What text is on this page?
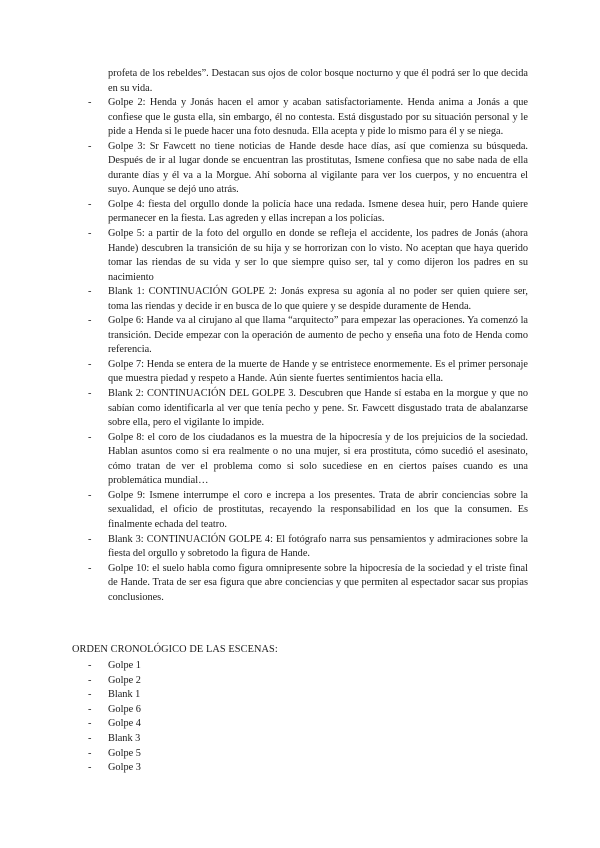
profeta de los rebeldes”. Destacan sus ojos de color bosque nocturno y que él podrá ser lo que decida en su vida.
- Golpe 2: Henda y Jonás hacen el amor y acaban satisfactoriamente. Henda anima a Jonás a que confiese que le gusta ella, sin embargo, él no contesta. Está disgustado por su situación personal y le pide a Henda si le puede hacer una foto desnuda. Ella acepta y pide lo mismo para él y se niega.
- Golpe 3: Sr Fawcett no tiene noticias de Hande desde hace días, así que comienza su búsqueda. Después de ir al lugar donde se encuentran las prostitutas, Ismene confiesa que no sabe nada de ella durante días y él va a la Morgue. Ahí soborna al vigilante para ver los cuerpos, y no encuentra el suyo. Aunque se dejó uno atrás.
- Golpe 4: fiesta del orgullo donde la policía hace una redada. Ismene desea huir, pero Hande quiere permanecer en la fiesta. Las agreden y ellas increpan a los policías.
- Golpe 5: a partir de la foto del orgullo en donde se refleja el accidente, los padres de Jonás (ahora Hande) descubren la transición de su hija y se horrorizan con lo visto. No aceptan que haya querido tomar las riendas de su vida y ser lo que siempre quiso ser, tal y como dijeron los padres en su nacimiento
- Blank 1: CONTINUACIÓN GOLPE 2: Jonás expresa su agonía al no poder ser quien quiere ser, toma las riendas y decide ir en busca de lo que quiere y se despide duramente de Henda.
- Golpe 6: Hande va al cirujano al que llama “arquitecto” para empezar las operaciones. Ya comenzó la transición. Decide empezar con la operación de aumento de pecho y enseña una foto de Henda como referencia.
- Golpe 7: Henda se entera de la muerte de Hande y se entristece enormemente. Es el primer personaje que muestra piedad y respeto a Hande. Aún siente fuertes sentimientos hacia ella.
- Blank 2: CONTINUACIÓN DEL GOLPE 3. Descubren que Hande sí estaba en la morgue y que no sabían como identificarla al ver que tenía pecho y pene. Sr. Fawcett disgustado trata de abalanzarse sobre ella, pero el vigilante lo impide.
- Golpe 8: el coro de los ciudadanos es la muestra de la hipocresía y de los prejuicios de la sociedad. Hablan asuntos como si era realmente o no una mujer, si era prostituta, cómo sucedió el asesinato, cómo tratan de ver el problema como si solo sucediese en en ciertos países cuando es una problemática mundial…
- Golpe 9: Ismene interrumpe el coro e increpa a los presentes. Trata de abrir conciencias sobre la sexualidad, el oficio de prostitutas, recayendo la responsabilidad en los que la consumen. Es finalmente echada del teatro.
- Blank 3: CONTINUACIÓN GOLPE 4: El fotógrafo narra sus pensamientos y admiraciones sobre la fiesta del orgullo y sobretodo la figura de Hande.
- Golpe 10: el suelo habla como figura omnipresente sobre la hipocresía de la sociedad y el triste final de Hande. Trata de ser esa figura que abre conciencias y que permiten al espectador sacar sus propias conclusiones.
ORDEN CRONOLÓGICO DE LAS ESCENAS:
- Golpe 1
- Golpe 2
- Blank 1
- Golpe 6
- Golpe 4
- Blank 3
- Golpe 5
- Golpe 3
